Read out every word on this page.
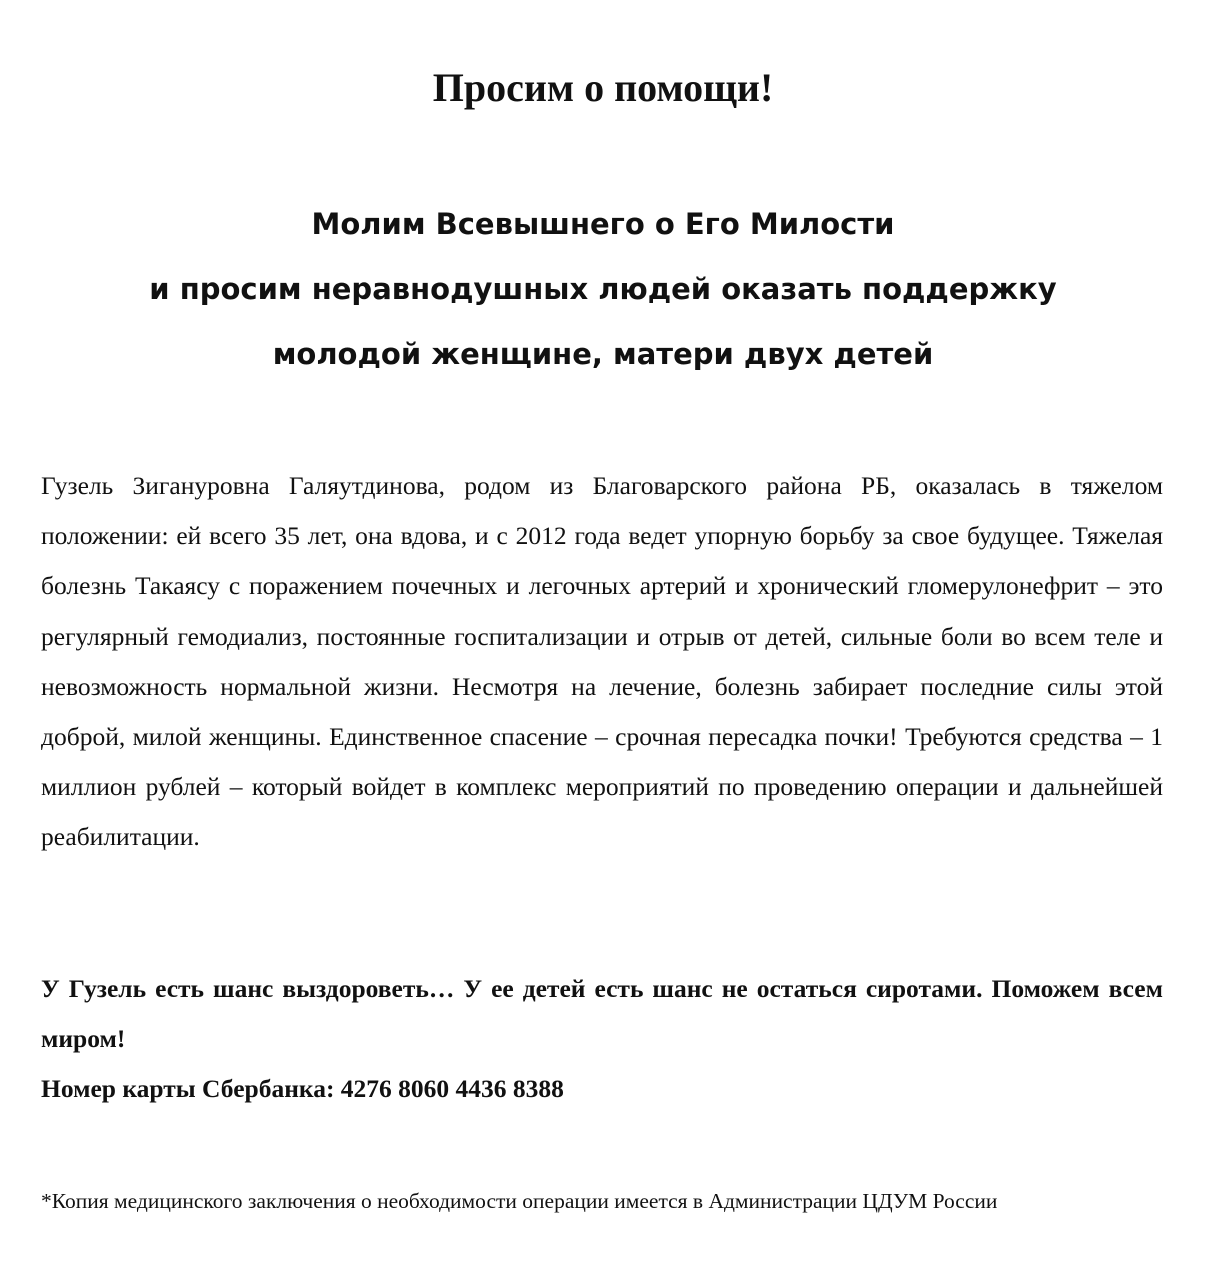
Просим о помощи!
Молим Всевышнего о Его Милости
и просим неравнодушных людей оказать поддержку
молодой женщине, матери двух детей

Гузель Зигануровна Галяутдинова, родом из Благоварского района РБ, оказалась в тяжелом положении: ей всего 35 лет, она вдова, и с 2012 года ведет упорную борьбу за свое будущее. Тяжелая болезнь Такаясу с поражением почечных и легочных артерий и хронический гломерулонефрит – это регулярный гемодиализ, постоянные госпитализации и отрыв от детей, сильные боли во всем теле и невозможность нормальной жизни. Несмотря на лечение, болезнь забирает последние силы этой доброй, милой женщины. Единственное спасение – срочная пересадка почки! Требуются средства – 1 миллион рублей – который войдет в комплекс мероприятий по проведению операции и дальнейшей реабилитации.

У Гузель есть шанс выздороветь… У ее детей есть шанс не остаться сиротами. Поможем всем миром!
Номер карты Сбербанка: 4276 8060 4436 8388

*Копия медицинского заключения о необходимости операции имеется в Администрации ЦДУМ России
